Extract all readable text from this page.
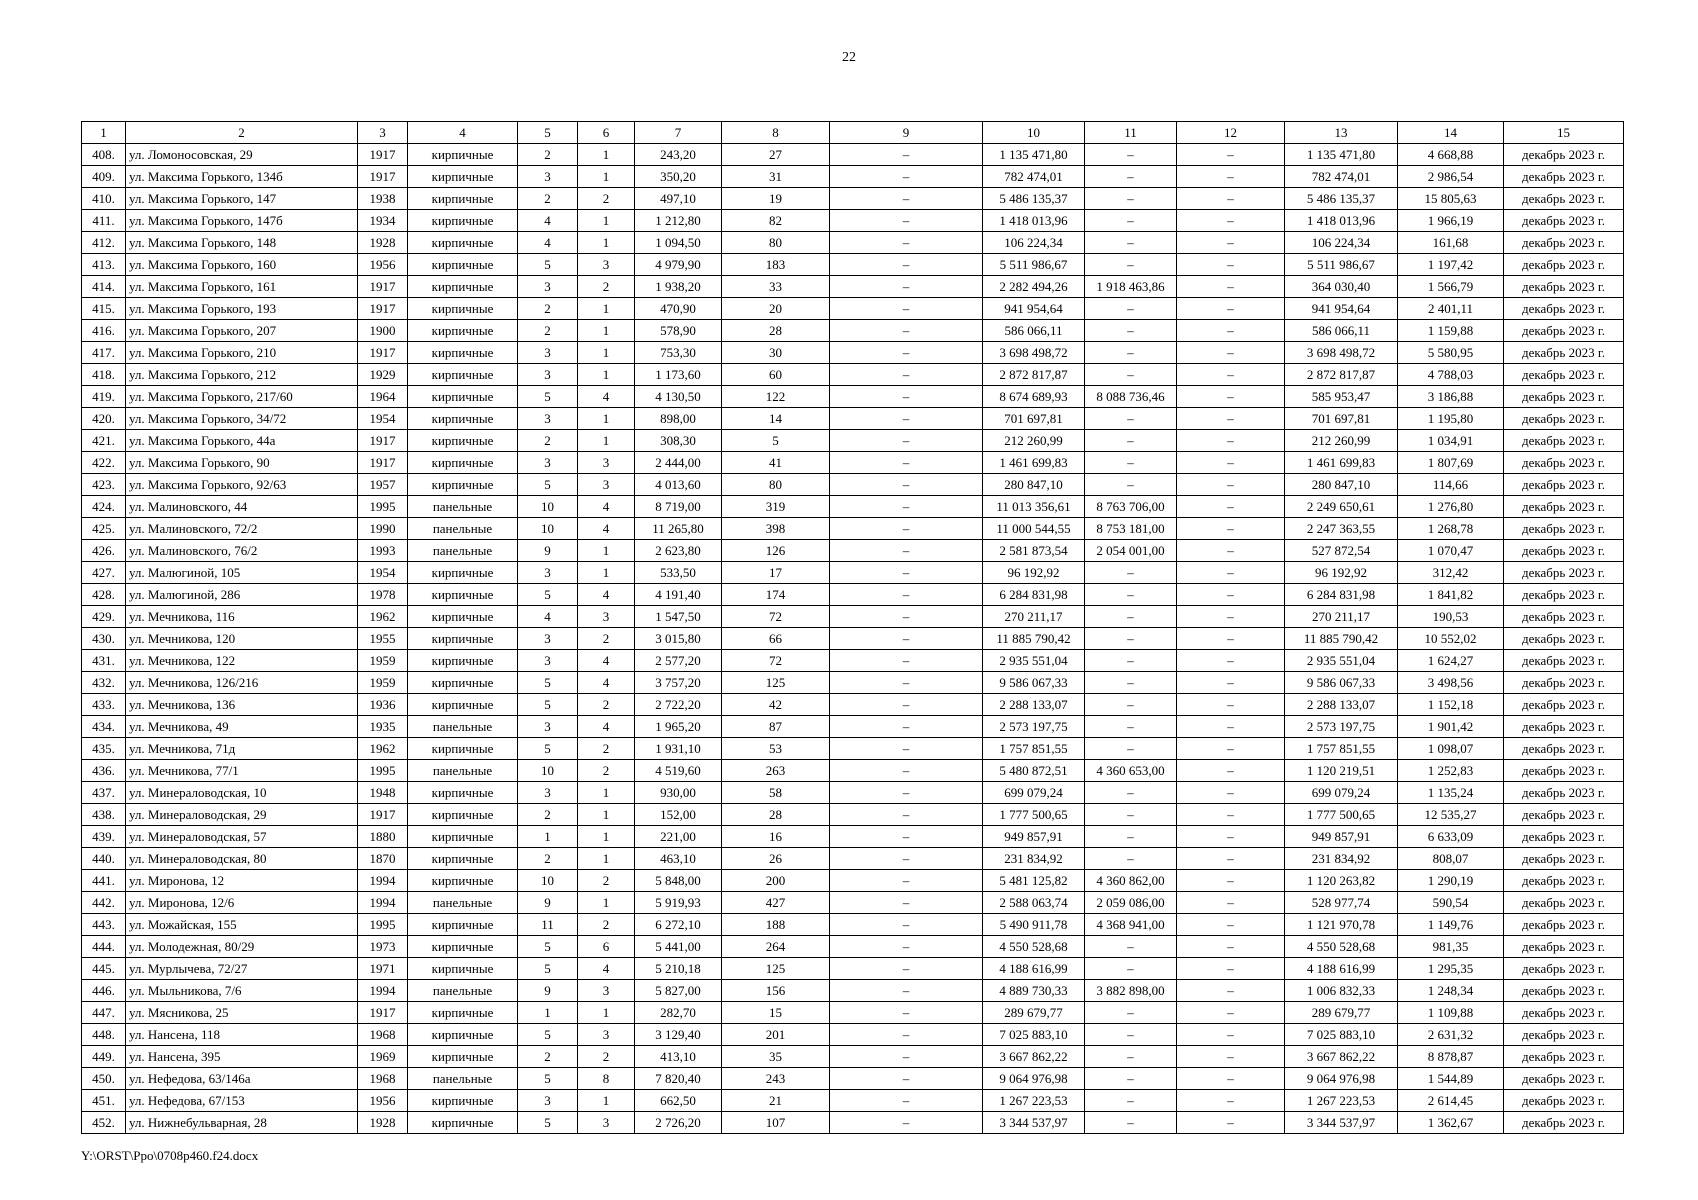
22
1	2	3	4	5	6	7	8	9	10	11	12	13	14	15
408.	ул. Ломоносовская, 29	1917	кирпичные	2	1	243,20	27	–	1 135 471,80	–	–	1 135 471,80	4 668,88	декабрь 2023 г.
409.	ул. Максима Горького, 134б	1917	кирпичные	3	1	350,20	31	–	782 474,01	–	–	782 474,01	2 986,54	декабрь 2023 г.
410.	ул. Максима Горького, 147	1938	кирпичные	2	2	497,10	19	–	5 486 135,37	–	–	5 486 135,37	15 805,63	декабрь 2023 г.
411.	ул. Максима Горького, 147б	1934	кирпичные	4	1	1 212,80	82	–	1 418 013,96	–	–	1 418 013,96	1 966,19	декабрь 2023 г.
412.	ул. Максима Горького, 148	1928	кирпичные	4	1	1 094,50	80	–	106 224,34	–	–	106 224,34	161,68	декабрь 2023 г.
413.	ул. Максима Горького, 160	1956	кирпичные	5	3	4 979,90	183	–	5 511 986,67	–	–	5 511 986,67	1 197,42	декабрь 2023 г.
414.	ул. Максима Горького, 161	1917	кирпичные	3	2	1 938,20	33	–	2 282 494,26	1 918 463,86	–	364 030,40	1 566,79	декабрь 2023 г.
415.	ул. Максима Горького, 193	1917	кирпичные	2	1	470,90	20	–	941 954,64	–	–	941 954,64	2 401,11	декабрь 2023 г.
416.	ул. Максима Горького, 207	1900	кирпичные	2	1	578,90	28	–	586 066,11	–	–	586 066,11	1 159,88	декабрь 2023 г.
417.	ул. Максима Горького, 210	1917	кирпичные	3	1	753,30	30	–	3 698 498,72	–	–	3 698 498,72	5 580,95	декабрь 2023 г.
418.	ул. Максима Горького, 212	1929	кирпичные	3	1	1 173,60	60	–	2 872 817,87	–	–	2 872 817,87	4 788,03	декабрь 2023 г.
419.	ул. Максима Горького, 217/60	1964	кирпичные	5	4	4 130,50	122	–	8 674 689,93	8 088 736,46	–	585 953,47	3 186,88	декабрь 2023 г.
420.	ул. Максима Горького, 34/72	1954	кирпичные	3	1	898,00	14	–	701 697,81	–	–	701 697,81	1 195,80	декабрь 2023 г.
421.	ул. Максима Горького, 44а	1917	кирпичные	2	1	308,30	5	–	212 260,99	–	–	212 260,99	1 034,91	декабрь 2023 г.
422.	ул. Максима Горького, 90	1917	кирпичные	3	3	2 444,00	41	–	1 461 699,83	–	–	1 461 699,83	1 807,69	декабрь 2023 г.
423.	ул. Максима Горького, 92/63	1957	кирпичные	5	3	4 013,60	80	–	280 847,10	–	–	280 847,10	114,66	декабрь 2023 г.
424.	ул. Малиновского, 44	1995	панельные	10	4	8 719,00	319	–	11 013 356,61	8 763 706,00	–	2 249 650,61	1 276,80	декабрь 2023 г.
425.	ул. Малиновского, 72/2	1990	панельные	10	4	11 265,80	398	–	11 000 544,55	8 753 181,00	–	2 247 363,55	1 268,78	декабрь 2023 г.
426.	ул. Малиновского, 76/2	1993	панельные	9	1	2 623,80	126	–	2 581 873,54	2 054 001,00	–	527 872,54	1 070,47	декабрь 2023 г.
427.	ул. Малюгиной, 105	1954	кирпичные	3	1	533,50	17	–	96 192,92	–	–	96 192,92	312,42	декабрь 2023 г.
428.	ул. Малюгиной, 286	1978	кирпичные	5	4	4 191,40	174	–	6 284 831,98	–	–	6 284 831,98	1 841,82	декабрь 2023 г.
429.	ул. Мечникова, 116	1962	кирпичные	4	3	1 547,50	72	–	270 211,17	–	–	270 211,17	190,53	декабрь 2023 г.
430.	ул. Мечникова, 120	1955	кирпичные	3	2	3 015,80	66	–	11 885 790,42	–	–	11 885 790,42	10 552,02	декабрь 2023 г.
431.	ул. Мечникова, 122	1959	кирпичные	3	4	2 577,20	72	–	2 935 551,04	–	–	2 935 551,04	1 624,27	декабрь 2023 г.
432.	ул. Мечникова, 126/216	1959	кирпичные	5	4	3 757,20	125	–	9 586 067,33	–	–	9 586 067,33	3 498,56	декабрь 2023 г.
433.	ул. Мечникова, 136	1936	кирпичные	5	2	2 722,20	42	–	2 288 133,07	–	–	2 288 133,07	1 152,18	декабрь 2023 г.
434.	ул. Мечникова, 49	1935	панельные	3	4	1 965,20	87	–	2 573 197,75	–	–	2 573 197,75	1 901,42	декабрь 2023 г.
435.	ул. Мечникова, 71д	1962	кирпичные	5	2	1 931,10	53	–	1 757 851,55	–	–	1 757 851,55	1 098,07	декабрь 2023 г.
436.	ул. Мечникова, 77/1	1995	панельные	10	2	4 519,60	263	–	5 480 872,51	4 360 653,00	–	1 120 219,51	1 252,83	декабрь 2023 г.
437.	ул. Минераловодская, 10	1948	кирпичные	3	1	930,00	58	–	699 079,24	–	–	699 079,24	1 135,24	декабрь 2023 г.
438.	ул. Минераловодская, 29	1917	кирпичные	2	1	152,00	28	–	1 777 500,65	–	–	1 777 500,65	12 535,27	декабрь 2023 г.
439.	ул. Минераловодская, 57	1880	кирпичные	1	1	221,00	16	–	949 857,91	–	–	949 857,91	6 633,09	декабрь 2023 г.
440.	ул. Минераловодская, 80	1870	кирпичные	2	1	463,10	26	–	231 834,92	–	–	231 834,92	808,07	декабрь 2023 г.
441.	ул. Миронова, 12	1994	кирпичные	10	2	5 848,00	200	–	5 481 125,82	4 360 862,00	–	1 120 263,82	1 290,19	декабрь 2023 г.
442.	ул. Миронова, 12/6	1994	панельные	9	1	5 919,93	427	–	2 588 063,74	2 059 086,00	–	528 977,74	590,54	декабрь 2023 г.
443.	ул. Можайская, 155	1995	кирпичные	11	2	6 272,10	188	–	5 490 911,78	4 368 941,00	–	1 121 970,78	1 149,76	декабрь 2023 г.
444.	ул. Молодежная, 80/29	1973	кирпичные	5	6	5 441,00	264	–	4 550 528,68	–	–	4 550 528,68	981,35	декабрь 2023 г.
445.	ул. Мурлычева, 72/27	1971	кирпичные	5	4	5 210,18	125	–	4 188 616,99	–	–	4 188 616,99	1 295,35	декабрь 2023 г.
446.	ул. Мыльникова, 7/6	1994	панельные	9	3	5 827,00	156	–	4 889 730,33	3 882 898,00	–	1 006 832,33	1 248,34	декабрь 2023 г.
447.	ул. Мясникова, 25	1917	кирпичные	1	1	282,70	15	–	289 679,77	–	–	289 679,77	1 109,88	декабрь 2023 г.
448.	ул. Нансена, 118	1968	кирпичные	5	3	3 129,40	201	–	7 025 883,10	–	–	7 025 883,10	2 631,32	декабрь 2023 г.
449.	ул. Нансена, 395	1969	кирпичные	2	2	413,10	35	–	3 667 862,22	–	–	3 667 862,22	8 878,87	декабрь 2023 г.
450.	ул. Нефедова, 63/146а	1968	панельные	5	8	7 820,40	243	–	9 064 976,98	–	–	9 064 976,98	1 544,89	декабрь 2023 г.
451.	ул. Нефедова, 67/153	1956	кирпичные	3	1	662,50	21	–	1 267 223,53	–	–	1 267 223,53	2 614,45	декабрь 2023 г.
452.	ул. Нижнебульварная, 28	1928	кирпичные	5	3	2 726,20	107	–	3 344 537,97	–	–	3 344 537,97	1 362,67	декабрь 2023 г.
Y:\ORST\Ppo\0708p460.f24.docx
